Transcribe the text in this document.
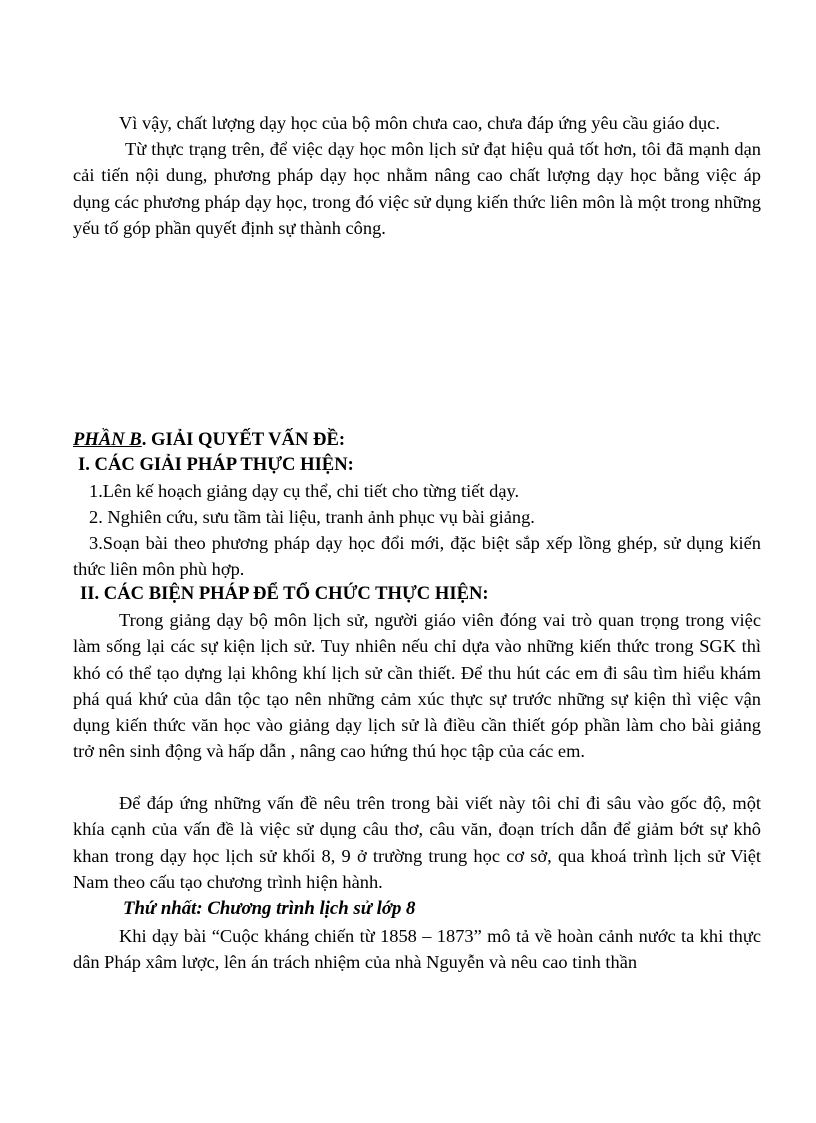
Vì vậy, chất lượng dạy học của bộ môn chưa cao, chưa đáp ứng yêu cầu giáo dục.

Từ thực trạng trên, để việc dạy học môn lịch sử đạt hiệu quả tốt hơn, tôi đã mạnh dạn cải tiến nội dung, phương pháp dạy học nhằm nâng cao chất lượng dạy học bằng việc áp dụng các phương pháp dạy học, trong đó việc sử dụng kiến thức liên môn là một trong những yếu tố góp phần quyết định sự thành công.

PHẦN B. GIẢI QUYẾT VẤN ĐỀ:

I. CÁC GIẢI PHÁP THỰC HIỆN:

1.Lên kế hoạch giảng dạy cụ thể, chi tiết cho từng tiết dạy.

2. Nghiên cứu, sưu tầm tài liệu, tranh ảnh phục vụ bài giảng.

3.Soạn bài theo phương pháp dạy học đổi mới, đặc biệt sắp xếp lồng ghép, sử dụng kiến thức liên môn phù hợp.

II. CÁC BIỆN PHÁP ĐỂ TỔ CHỨC THỰC HIỆN:

Trong giảng dạy bộ môn lịch sử, người giáo viên đóng vai trò quan trọng trong việc làm sống lại các sự kiện lịch sử. Tuy nhiên nếu chỉ dựa vào những kiến thức trong SGK thì khó có thể tạo dựng lại không khí lịch sử cần thiết. Để thu hút các em đi sâu tìm hiểu khám phá quá khứ của dân tộc tạo nên những cảm xúc thực sự trước những sự kiện thì việc vận dụng kiến thức văn học vào giảng dạy lịch sử là điều cần thiết góp phần làm cho bài giảng trở nên sinh động và hấp dẫn , nâng cao hứng thú học tập của các em.

Để đáp ứng những vấn đề nêu trên trong bài viết này tôi chỉ đi sâu vào gốc độ, một khía cạnh của vấn đề là việc sử dụng câu thơ, câu văn, đoạn trích dẫn để giảm bớt sự khô khan trong dạy học lịch sử khối 8, 9 ở trường trung học cơ sở, qua khoá trình lịch sử Việt Nam theo cấu tạo chương trình hiện hành.

Thứ nhất: Chương trình lịch sử lớp 8

Khi dạy bài “Cuộc kháng chiến từ 1858 – 1873” mô tả về hoàn cảnh nước ta khi thực dân Pháp xâm lược, lên án trách nhiệm của nhà Nguyễn và nêu cao tinh thần
